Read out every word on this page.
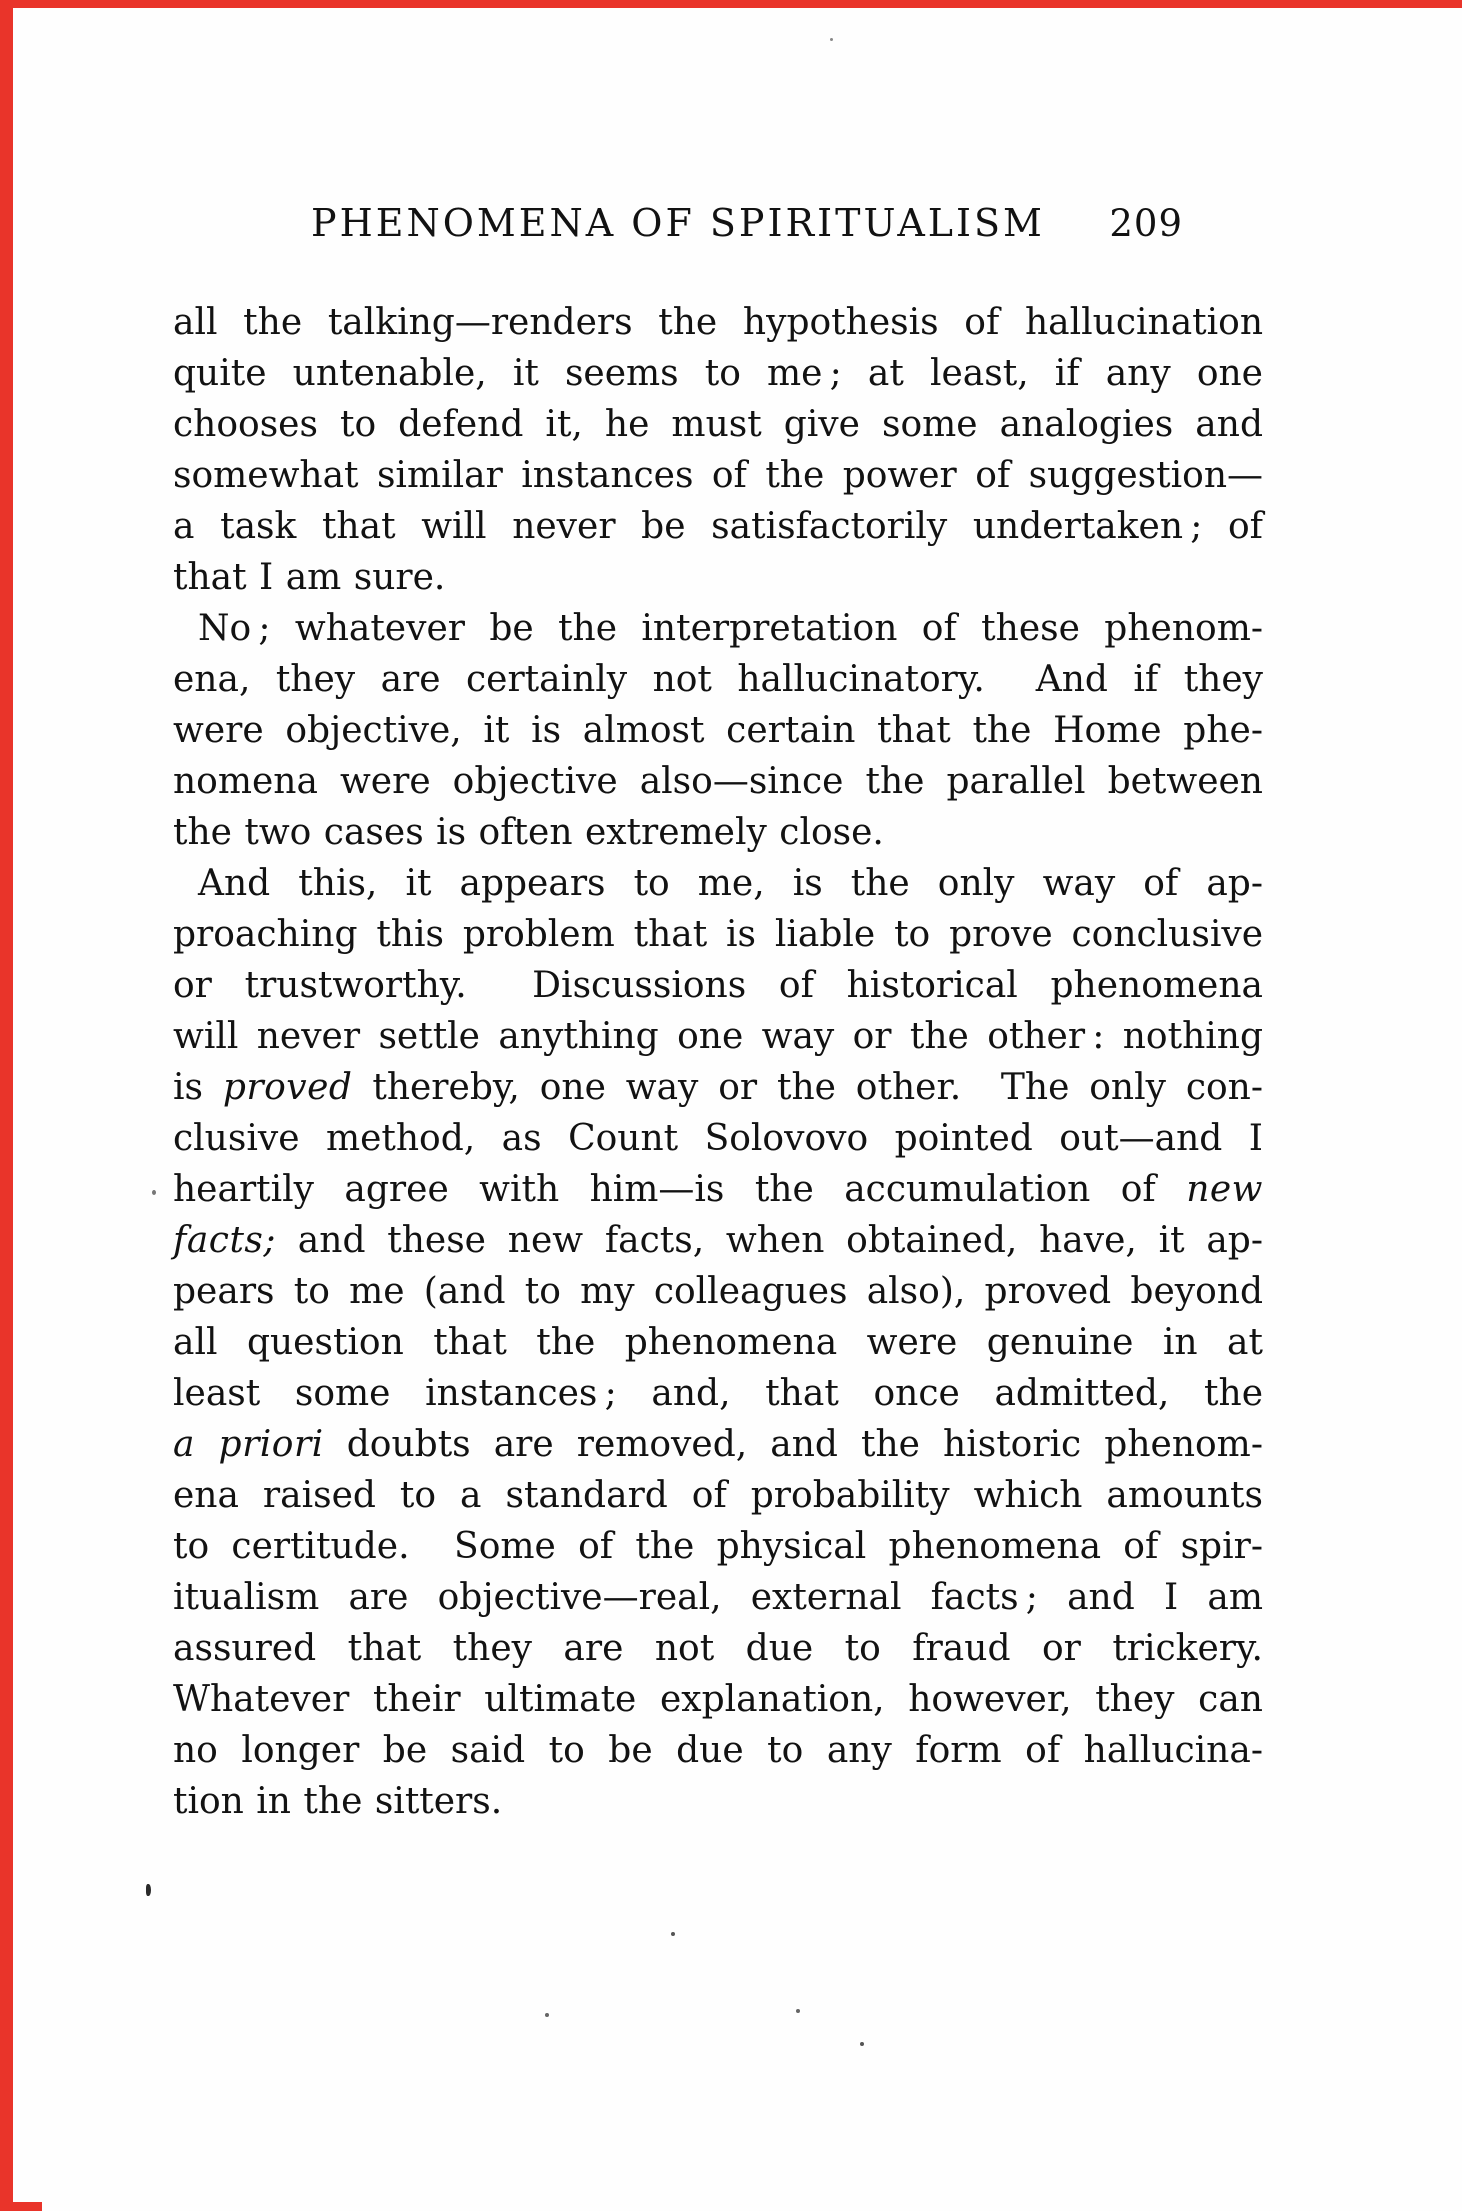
PHENOMENA OF SPIRITUALISM 209
all the talking—renders the hypothesis of hallucination
quite untenable, it seems to me ; at least, if any one
chooses to defend it, he must give some analogies and
somewhat similar instances of the power of suggestion—
a task that will never be satisfactorily undertaken ; of
that I am sure.
No ; whatever be the interpretation of these phenom-
ena, they are certainly not hallucinatory.  And if they
were objective, it is almost certain that the Home phe-
nomena were objective also—since the parallel between
the two cases is often extremely close.
And this, it appears to me, is the only way of ap-
proaching this problem that is liable to prove conclusive
or trustworthy.  Discussions of historical phenomena
will never settle anything one way or the other : nothing
is proved thereby, one way or the other.  The only con-
clusive method, as Count Solovovo pointed out—and I
heartily agree with him—is the accumulation of new
facts; and these new facts, when obtained, have, it ap-
pears to me (and to my colleagues also), proved beyond
all question that the phenomena were genuine in at
least some instances ; and, that once admitted, the
a priori doubts are removed, and the historic phenom-
ena raised to a standard of probability which amounts
to certitude.  Some of the physical phenomena of spir-
itualism are objective—real, external facts ; and I am
assured that they are not due to fraud or trickery.
Whatever their ultimate explanation, however, they can
no longer be said to be due to any form of hallucina-
tion in the sitters.
